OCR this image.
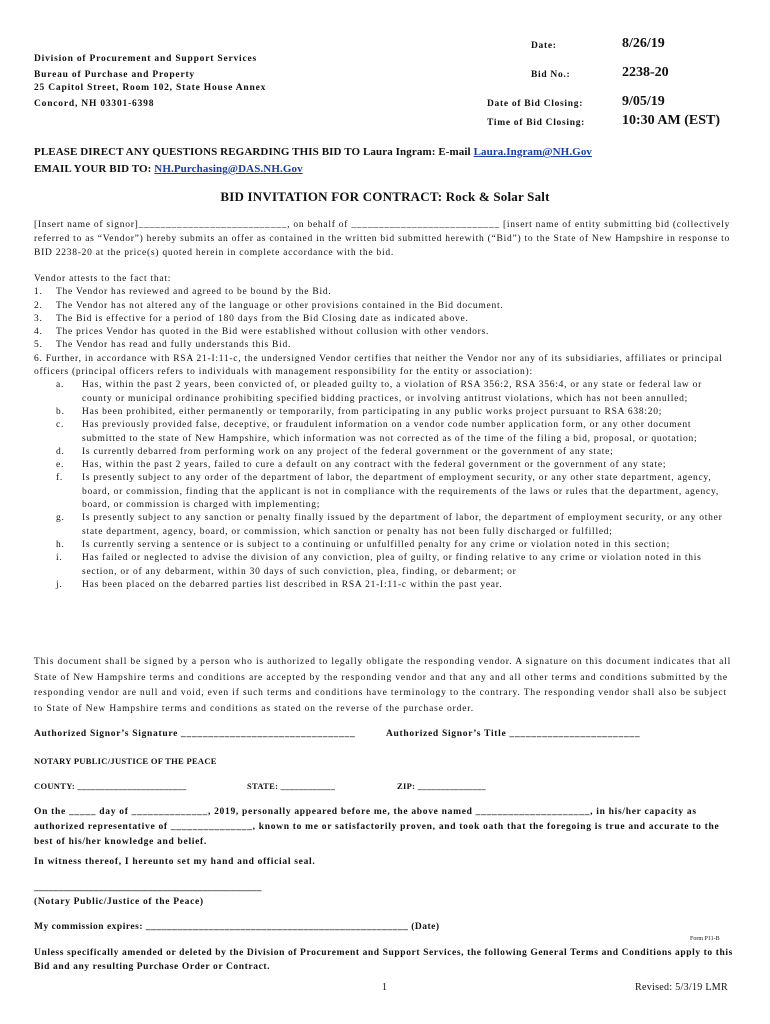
Division of Procurement and Support Services
Bureau of Purchase and Property
25 Capitol Street, Room 102, State House Annex
Concord, NH 03301-6398
Date:	8/26/19
Bid No.:	2238-20
Date of Bid Closing:	9/05/19
Time of Bid Closing:	10:30 AM (EST)
PLEASE DIRECT ANY QUESTIONS REGARDING THIS BID TO Laura Ingram: E-mail Laura.Ingram@NH.Gov
EMAIL YOUR BID TO: NH.Purchasing@DAS.NH.Gov
BID INVITATION FOR CONTRACT: Rock & Solar Salt
[Insert name of signor]___________________________, on behalf of ___________________________ [insert name of entity submitting bid (collectively referred to as “Vendor”) hereby submits an offer as contained in the written bid submitted herewith (“Bid”) to the State of New Hampshire in response to BID 2238-20 at the price(s) quoted herein in complete accordance with the bid.
Vendor attests to the fact that:
1.	The Vendor has reviewed and agreed to be bound by the Bid.
2.	The Vendor has not altered any of the language or other provisions contained in the Bid document.
3.	The Bid is effective for a period of 180 days from the Bid Closing date as indicated above.
4.	The prices Vendor has quoted in the Bid were established without collusion with other vendors.
5.	The Vendor has read and fully understands this Bid.
6. Further, in accordance with RSA 21-I:11-c, the undersigned Vendor certifies that neither the Vendor nor any of its subsidiaries, affiliates or principal officers (principal officers refers to individuals with management responsibility for the entity or association):
a.	Has, within the past 2 years, been convicted of, or pleaded guilty to, a violation of RSA 356:2, RSA 356:4, or any state or federal law or county or municipal ordinance prohibiting specified bidding practices, or involving antitrust violations, which has not been annulled;
b.	Has been prohibited, either permanently or temporarily, from participating in any public works project pursuant to RSA 638:20;
c.	Has previously provided false, deceptive, or fraudulent information on a vendor code number application form, or any other document submitted to the state of New Hampshire, which information was not corrected as of the time of the filing a bid, proposal, or quotation;
d.	Is currently debarred from performing work on any project of the federal government or the government of any state;
e.	Has, within the past 2 years, failed to cure a default on any contract with the federal government or the government of any state;
f.	Is presently subject to any order of the department of labor, the department of employment security, or any other state department, agency, board, or commission, finding that the applicant is not in compliance with the requirements of the laws or rules that the department, agency, board, or commission is charged with implementing;
g.	Is presently subject to any sanction or penalty finally issued by the department of labor, the department of employment security, or any other state department, agency, board, or commission, which sanction or penalty has not been fully discharged or fulfilled;
h.	Is currently serving a sentence or is subject to a continuing or unfulfilled penalty for any crime or violation noted in this section;
i.	Has failed or neglected to advise the division of any conviction, plea of guilty, or finding relative to any crime or violation noted in this section, or of any debarment, within 30 days of such conviction, plea, finding, or debarment; or
j.	Has been placed on the debarred parties list described in RSA 21-I:11-c within the past year.
This document shall be signed by a person who is authorized to legally obligate the responding vendor. A signature on this document indicates that all State of New Hampshire terms and conditions are accepted by the responding vendor and that any and all other terms and conditions submitted by the responding vendor are null and void, even if such terms and conditions have terminology to the contrary. The responding vendor shall also be subject to State of New Hampshire terms and conditions as stated on the reverse of the purchase order.
Authorized Signor’s Signature ________________________________	Authorized Signor’s Title ________________________
NOTARY PUBLIC/JUSTICE OF THE PEACE
COUNTY: ________________________	STATE: ____________	ZIP: _______________
On the _____ day of ______________, 2019, personally appeared before me, the above named _____________________, in his/her capacity as authorized representative of _______________, known to me or satisfactorily proven, and took oath that the foregoing is true and accurate to the best of his/her knowledge and belief.
In witness thereof, I hereunto set my hand and official seal.
______________________________________________
(Notary Public/Justice of the Peace)
My commission expires: __________________________________________________ (Date)
Form P11-B
Unless specifically amended or deleted by the Division of Procurement and Support Services, the following General Terms and Conditions apply to this Bid and any resulting Purchase Order or Contract.
1	Revised: 5/3/19 LMR
